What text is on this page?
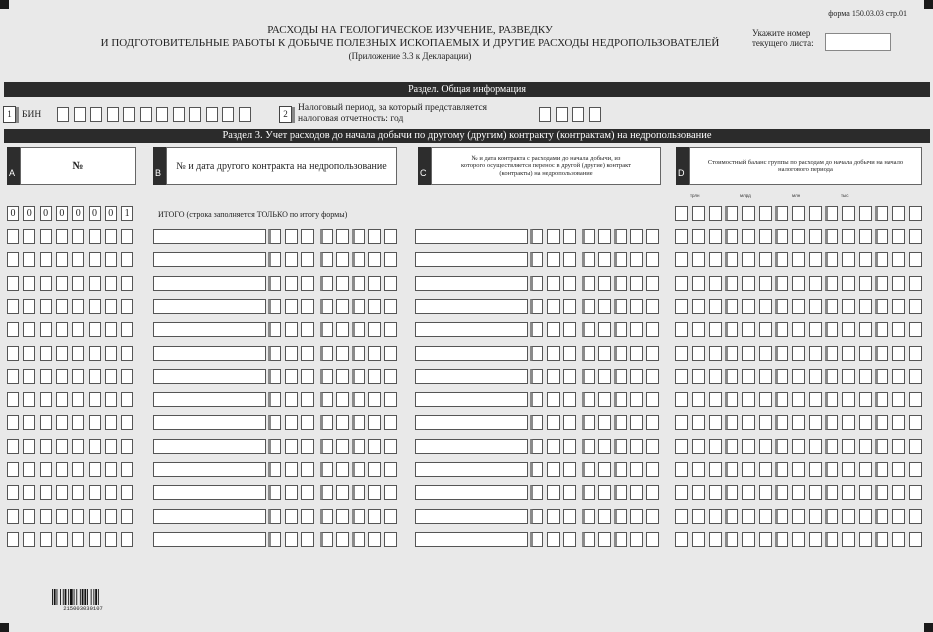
форма 150.03.03 стр.01
РАСХОДЫ НА ГЕОЛОГИЧЕСКОЕ ИЗУЧЕНИЕ, РАЗВЕДКУ
И ПОДГОТОВИТЕЛЬНЫЕ РАБОТЫ К ДОБЫЧЕ ПОЛЕЗНЫХ ИСКОПАЕМЫХ И ДРУГИЕ РАСХОДЫ НЕДРОПОЛЬЗОВАТЕЛЕЙ
(Приложение 3.3 к Декларации)
Укажите номер
текущего листа:
Раздел. Общая информация
1	БИН	2
Налоговый период, за который представляется
налоговая отчетность: год
Раздел 3. Учет расходов до начала добычи по другому (другим) контракту (контрактам) на недропользование
A
№
B
№ и дата другого контракта на недропользование
C
№ и дата контракта с расходами до начала добычи, из которого осуществляется перенос в другой (другие) контракт (контракты) на недропользование	D
Стоимостный баланс группы по расходам до начала добычи на начало налогового периода
трлн	млрд	млн	тыс
0	0	0	0	0	0	0	1	ИТОГО (строка заполняется ТОЛЬКО по итогу формы)
215003030107
